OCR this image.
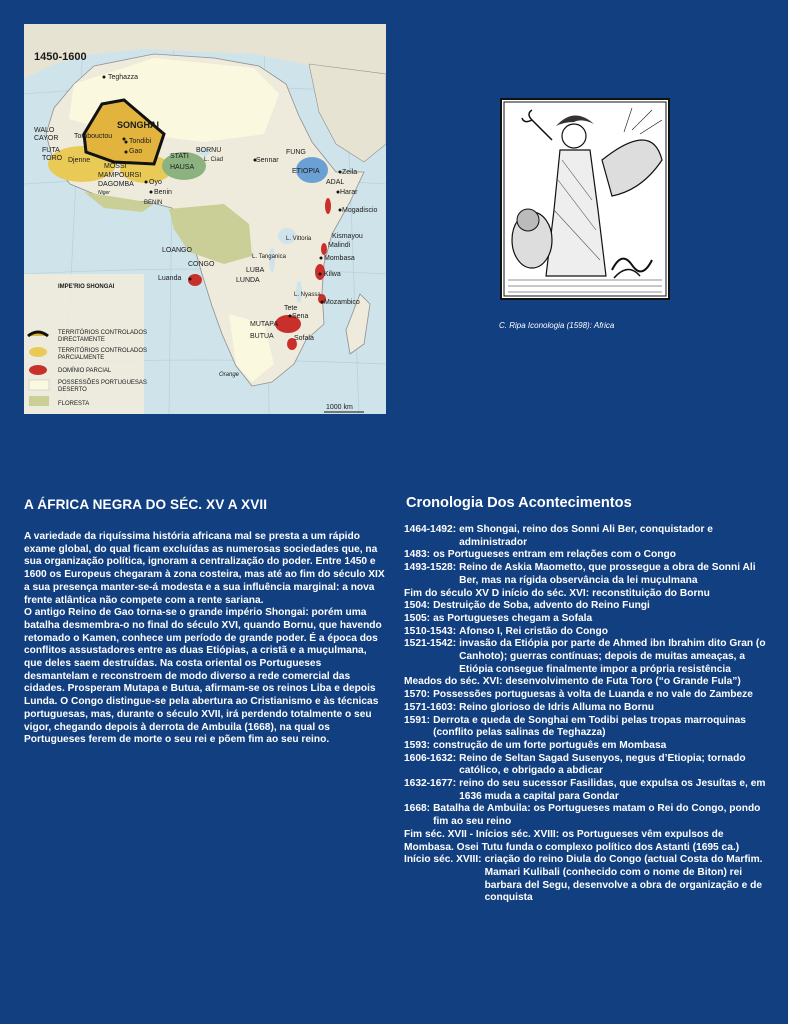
1450-1600
Teghazza
WALO
CAYOR Tombouctou
SONGHAI
Tondibi
Gao
FUTA
TORO Djenne
MOSSI
MAMPOURSI
DAGOMBA
STATI
HAUSA
BORNU
L. Ciad
Oyo
Benin
BENIN
Sennar
FUNG
ETIOPIA	Zeila
ADAL
Harar
Mogadiscio
LOANGO
CONGO
Luanda
LUBA
LUNDA
L. Vittoria
L. Tanganica
Kismayou
Malindi
Mombasa
Kilwa
L. Nyassa
Mozambico
Tete
Sena
MUTAPA
BUTUA	Sofala
Orange
Niger
IMPE'RIO SHONGAI
TERRITÓRIOS CONTROLADOS
DIRECTAMENTE
TERRITÓRIOS CONTROLADOS
PARCIALMENTE
DOMÍNIO PARCIAL
POSSESSÕES PORTUGUESAS
DESERTO
FLORESTA	1000 km
C. Ripa Iconologia (1598): Africa
A ÁFRICA NEGRA DO SÉC. XV A XVII

A variedade da riquíssima história africana mal se presta a um rápido exame global, do qual ficam excluídas as numerosas sociedades que, na sua organização política, ignoram a centralização do poder. Entre 1450 e 1600 os Europeus chegaram à zona costeira, mas até ao fim do século XIX a sua presença manter-se-á modesta e a sua influência marginal: a nova frente atlântica não compete com a rente sariana.

O antigo Reino de Gao torna-se o grande império Shongai: porém uma batalha desmembra-o no final do século XVI, quando Bornu, que havendo retomado o Kamen, conhece um período de grande poder. É a época dos conflitos assustadores entre as duas Etiópias, a cristã e a muçulmana, que deles saem destruídas. Na costa oriental os Portugueses desmantelam e reconstroem de modo diverso a rede comercial das cidades. Prosperam Mutapa e Butua, afirmam-se os reinos Liba e depois Lunda. O Congo distingue-se pela abertura ao Cristianismo e às técnicas portuguesas, mas, durante o século XVII, irá perdendo totalmente o seu vigor, chegando depois à derrota de Ambuila (1668), na qual os Portugueses ferem de morte o seu rei e põem fim ao seu reino.

Cronologia Dos Acontecimentos
1464-1492: em Shongai, reino dos Sonni Ali Ber, conquistador e administrador
1483: os Portugueses entram em relações com o Congo
1493-1528: Reino de Askia Maometto, que prossegue a obra de Sonni Ali Ber, mas na rígida observância da lei muçulmana
Fim do século XV D início do séc. XVI: reconstituição do Bornu
1504: Destruição de Soba, advento do Reino Fungi
1505: as Portugueses chegam a Sofala
1510-1543: Afonso I, Rei cristão do Congo
1521-1542: invasão da Etiópia por parte de Ahmed ibn Ibrahim dito Gran (o Canhoto); guerras contínuas; depois de muitas ameaças, a Etiópia consegue finalmente impor a própria resistência
Meados do séc. XVI: desenvolvimento de Futa Toro (“o Grande Fula”)
1570: Possessões portuguesas à volta de Luanda e no vale do Zambeze
1571-1603: Reino glorioso de Idris Alluma no Bornu
1591: Derrota e queda de Songhai em Todibi pelas tropas marroquinas (conflito pelas salinas de Teghazza)
1593: construção de um forte português em Mombasa
1606-1632: Reino de Seltan Sagad Susenyos, negus d’Etiopia; tornado católico, e obrigado a abdicar
1632-1677: reino do seu sucessor Fasilidas, que expulsa os Jesuítas e, em 1636 muda a capital para Gondar
1668: Batalha de Ambuila: os Portugueses matam o Rei do Congo, pondo fim ao seu reino
Fim séc. XVII - Inícios séc. XVIII: os Portugueses vêm expulsos de Mombasa. Osei Tutu funda o complexo político dos Astanti (1695 ca.)
Início séc. XVIII: criação do reino Diula do Congo (actual Costa do Marfim. Mamari Kulibali (conhecido com o nome de Biton) rei barbara del Segu, desenvolve a obra de organização e de conquista
